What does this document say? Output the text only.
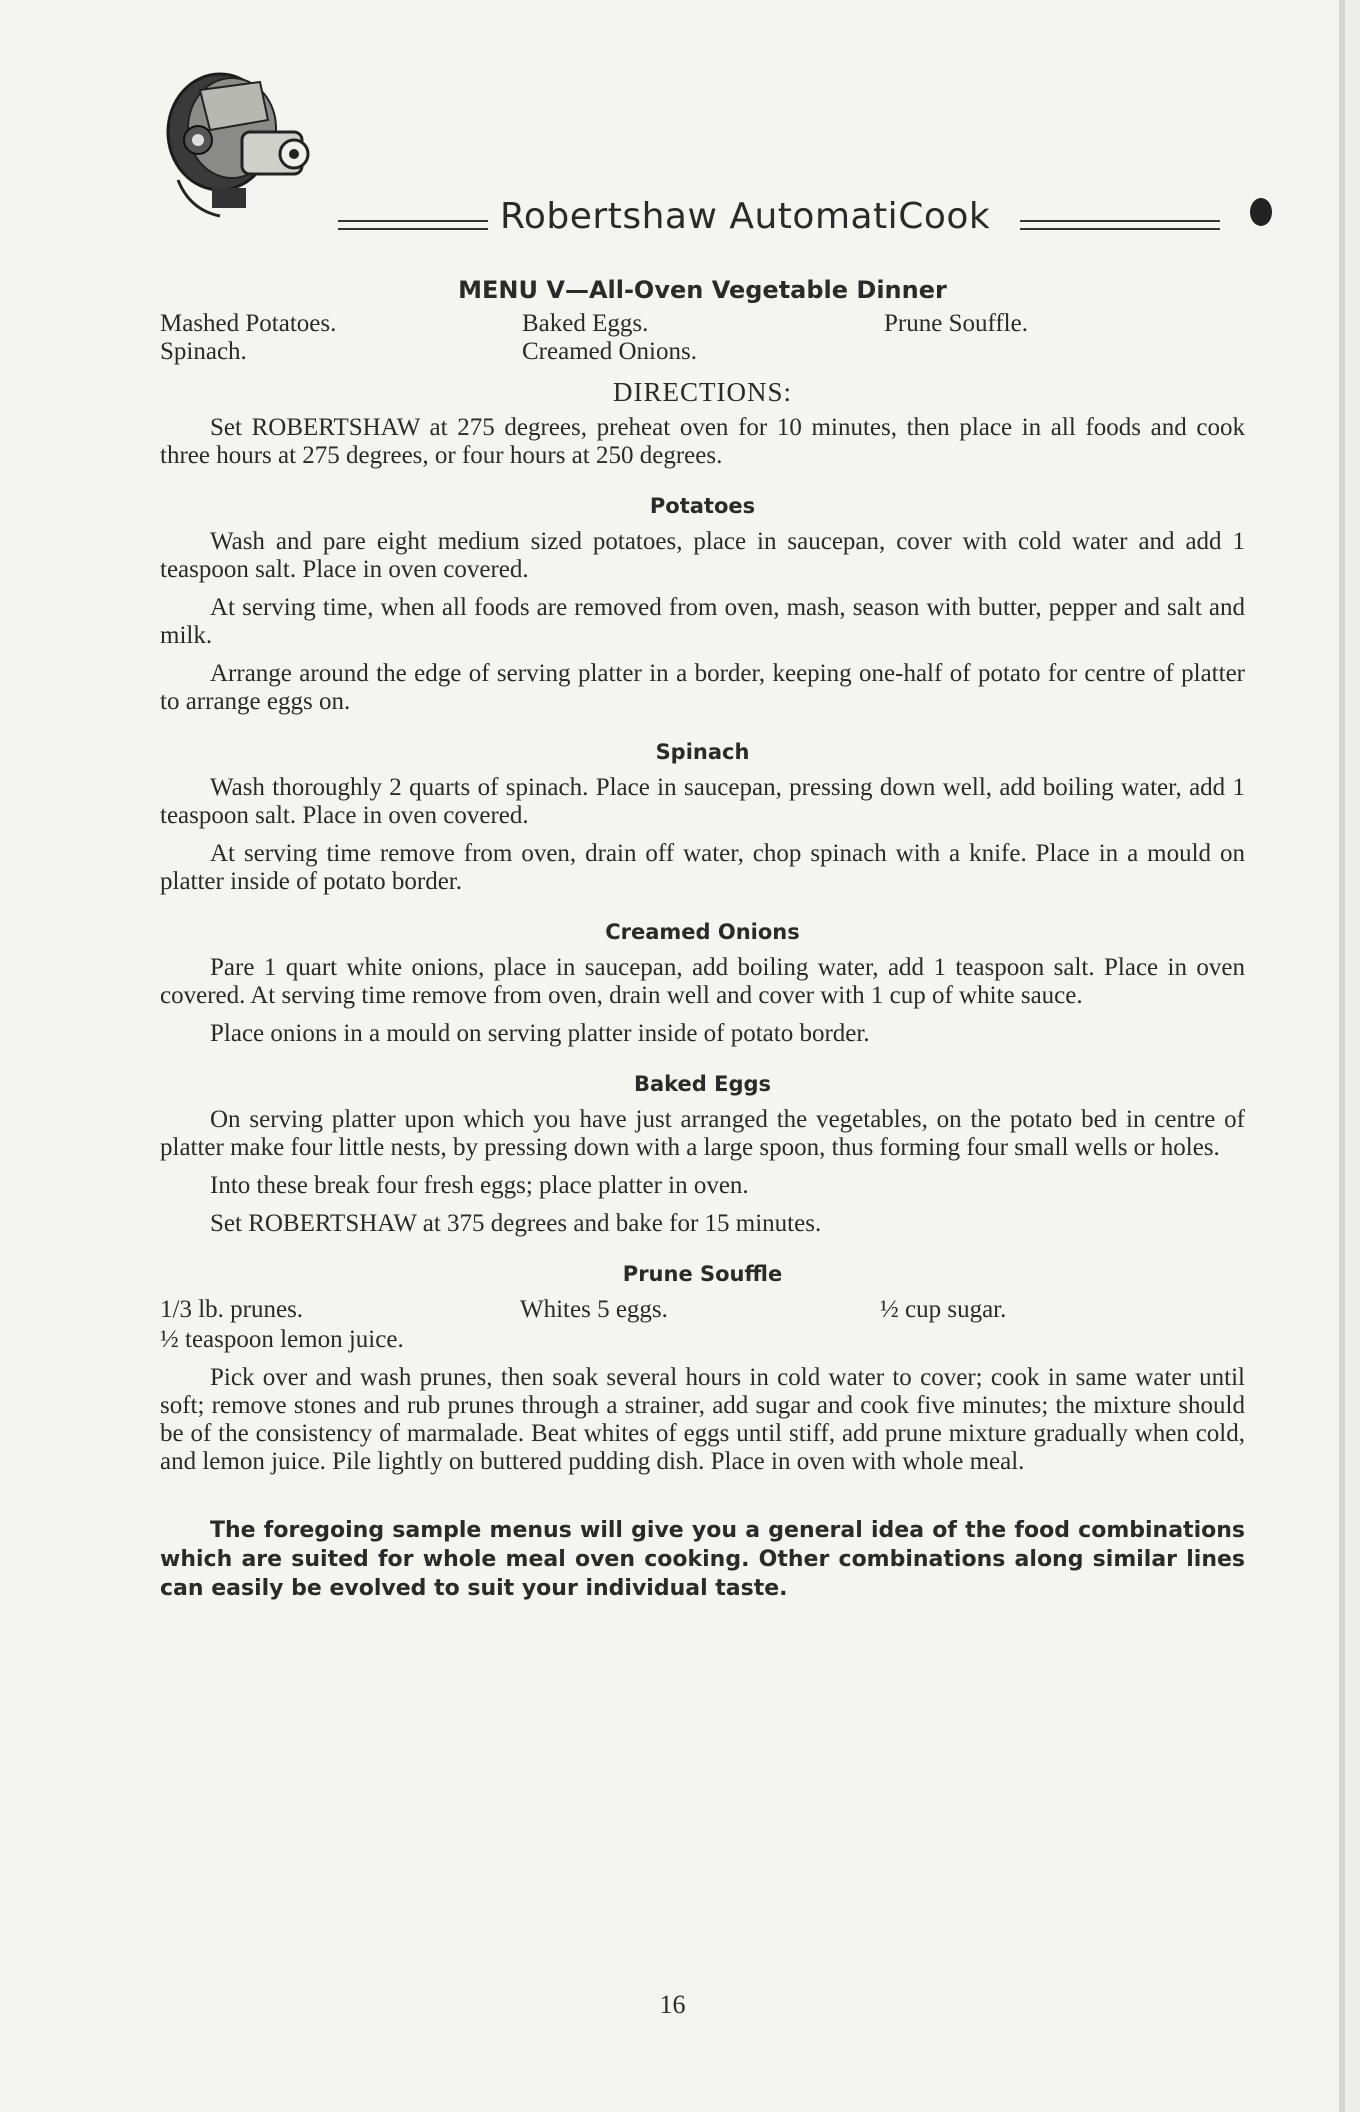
Robertshaw AutomatiCook
MENU V—All-Oven Vegetable Dinner
Mashed Potatoes.
Spinach.
Baked Eggs.
Creamed Onions.
Prune Souffle.
DIRECTIONS:

Set ROBERTSHAW at 275 degrees, preheat oven for 10 minutes, then place in all foods and cook three hours at 275 degrees, or four hours at 250 degrees.

Potatoes

Wash and pare eight medium sized potatoes, place in saucepan, cover with cold water and add 1 teaspoon salt. Place in oven covered.

At serving time, when all foods are removed from oven, mash, season with butter, pepper and salt and milk.

Arrange around the edge of serving platter in a border, keeping one-half of potato for centre of platter to arrange eggs on.

Spinach

Wash thoroughly 2 quarts of spinach. Place in saucepan, pressing down well, add boiling water, add 1 teaspoon salt. Place in oven covered.

At serving time remove from oven, drain off water, chop spinach with a knife. Place in a mould on platter inside of potato border.

Creamed Onions

Pare 1 quart white onions, place in saucepan, add boiling water, add 1 teaspoon salt. Place in oven covered. At serving time remove from oven, drain well and cover with 1 cup of white sauce.

Place onions in a mould on serving platter inside of potato border.

Baked Eggs

On serving platter upon which you have just arranged the vegetables, on the potato bed in centre of platter make four little nests, by pressing down with a large spoon, thus forming four small wells or holes.

Into these break four fresh eggs; place platter in oven.

Set ROBERTSHAW at 375 degrees and bake for 15 minutes.

Prune Souffle
1/3 lb. prunes.	Whites 5 eggs.	½ cup sugar.
½ teaspoon lemon juice.

Pick over and wash prunes, then soak several hours in cold water to cover; cook in same water until soft; remove stones and rub prunes through a strainer, add sugar and cook five minutes; the mixture should be of the consistency of marmalade. Beat whites of eggs until stiff, add prune mixture gradually when cold, and lemon juice. Pile lightly on buttered pudding dish. Place in oven with whole meal.

The foregoing sample menus will give you a general idea of the food combinations which are suited for whole meal oven cooking. Other combinations along similar lines can easily be evolved to suit your individual taste.

16
